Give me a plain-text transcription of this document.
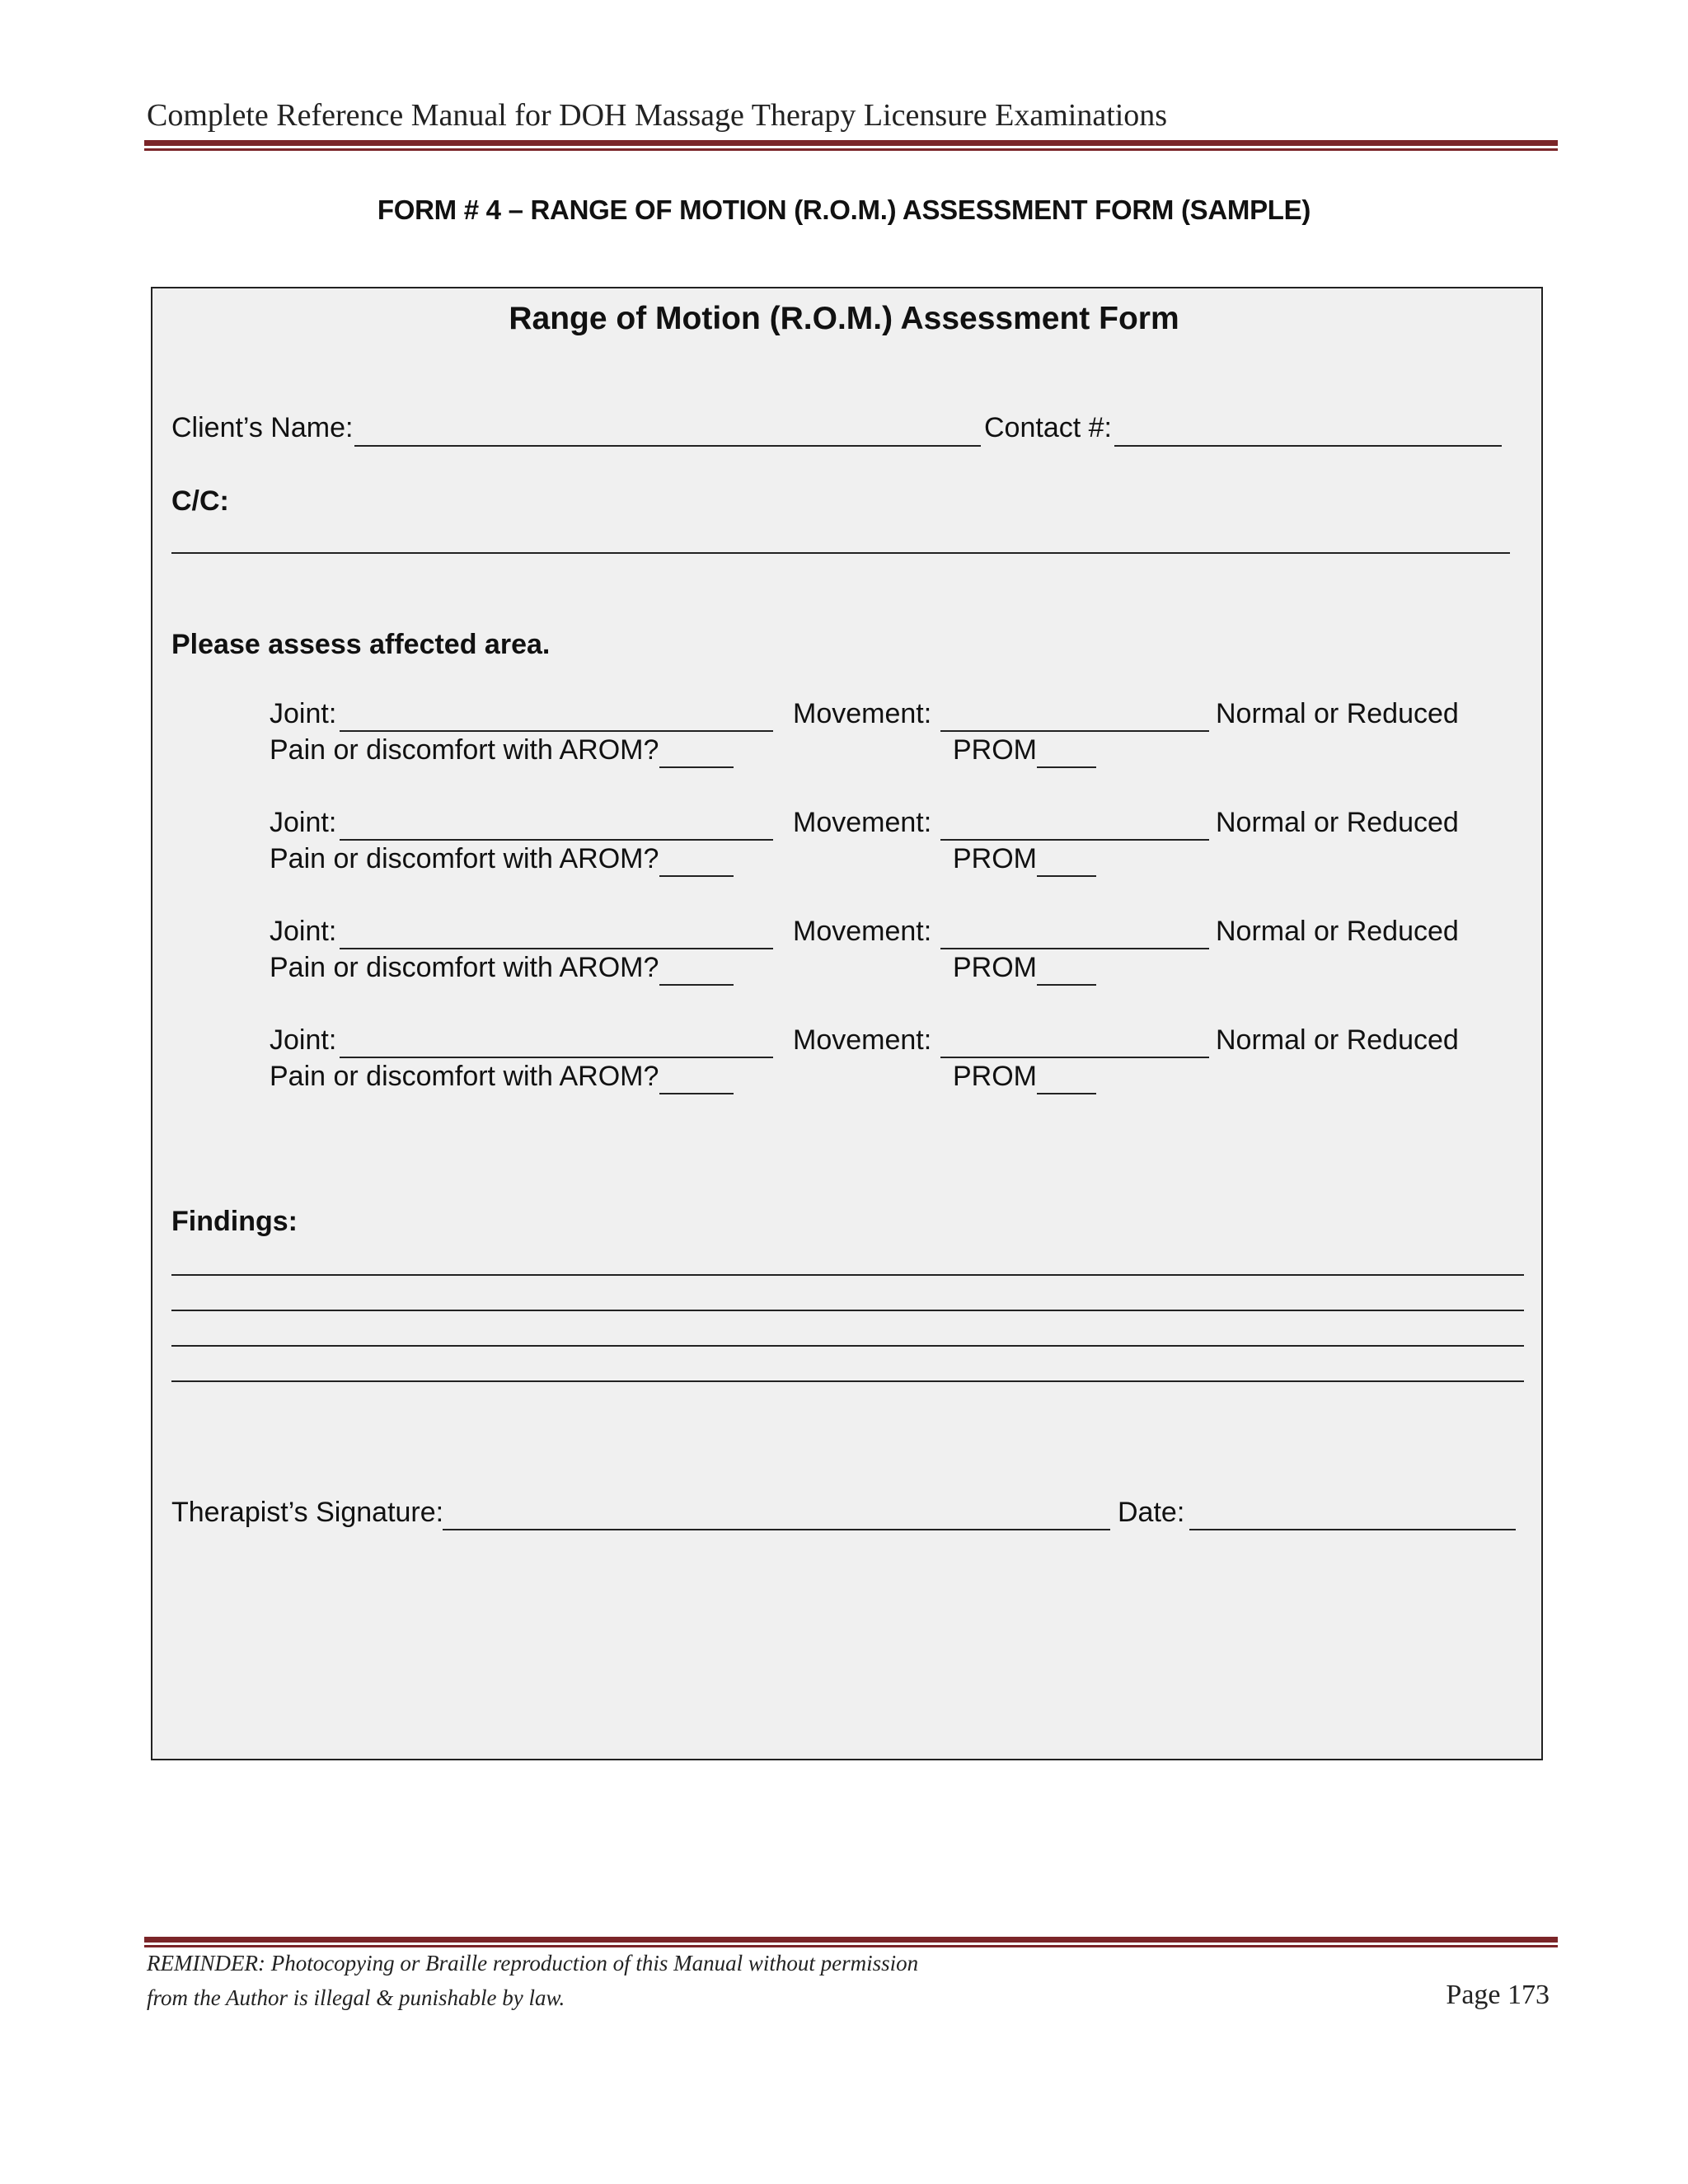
Complete Reference Manual for DOH Massage Therapy Licensure Examinations
FORM # 4 – RANGE OF MOTION (R.O.M.) ASSESSMENT FORM (SAMPLE)
Range of Motion (R.O.M.) Assessment Form
Client’s Name:	Contact #:
C/C:
Please assess affected area.
Joint:	Movement:	Normal or Reduced
Pain or discomfort with AROM?	PROM
Joint:	Movement:	Normal or Reduced
Pain or discomfort with AROM?	PROM
Joint:	Movement:	Normal or Reduced
Pain or discomfort with AROM?	PROM
Joint:	Movement:	Normal or Reduced
Pain or discomfort with AROM?	PROM
Findings:
Therapist’s Signature:	Date:
REMINDER: Photocopying or Braille reproduction of this Manual without permission
from the Author is illegal & punishable by law.	Page 173
